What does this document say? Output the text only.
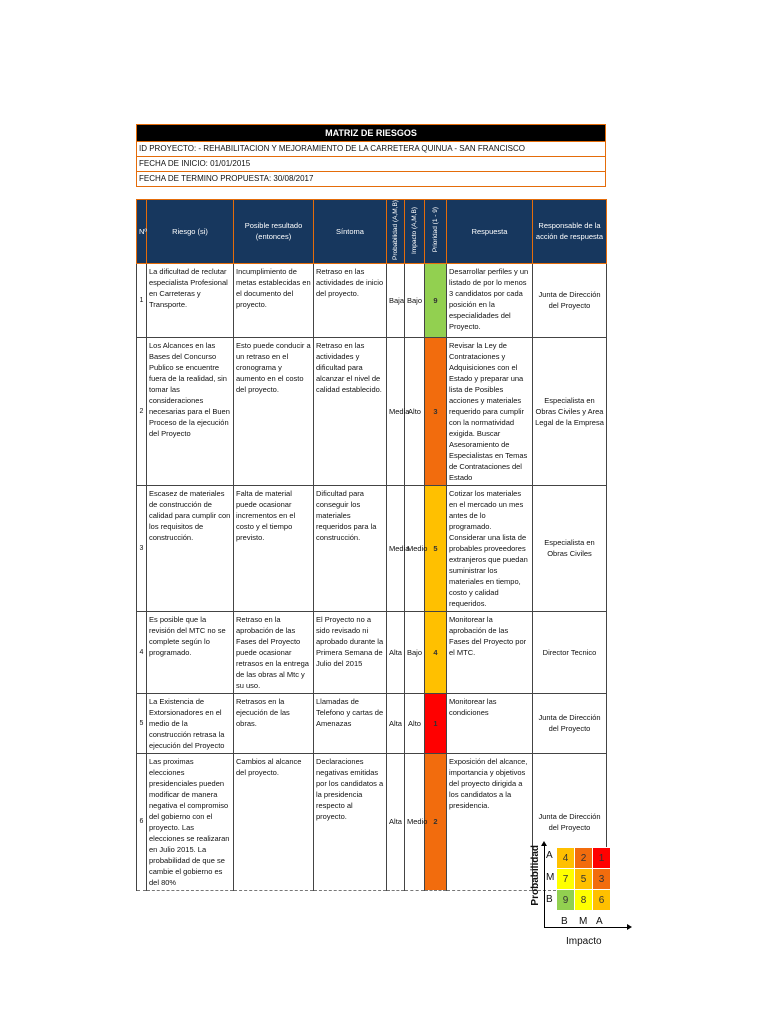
MATRIZ DE RIESGOS
ID PROYECTO: - REHABILITACION Y MEJORAMIENTO DE LA CARRETERA QUINUA - SAN FRANCISCO
FECHA DE INICIO: 01/01/2015
FECHA DE TERMINO PROPUESTA: 30/08/2017
Nº	Riesgo (si)	Posible resultado (entonces)	Síntoma	Probabilidad (A,M,B)	Impacto (A,M,B)	Prioridad (1 - 9)	Respuesta	Responsable de la acción de respuesta
1	La dificultad de reclutar especialista Profesional en Carreteras y Transporte.	Incumplimiento de metas establecidas en el documento del proyecto.	Retraso en las actividades de inicio del proyecto.	Baja	Bajo	9	Desarrollar perfiles y un listado de por lo menos 3 candidatos por cada posición en la especialidades del Proyecto.	Junta de Dirección del Proyecto
2	Los Alcances en las Bases del Concurso Publico se encuentre fuera de la realidad, sin tomar las consideraciones necesarias para el Buen Proceso de la ejecución del Proyecto	Esto puede conducir a un retraso en el cronograma y aumento en el costo del proyecto.	Retraso en las actividades y dificultad para alcanzar el nivel de calidad establecido.	Media	Alto	3	Revisar la Ley de Contrataciones y Adquisiciones con el Estado y preparar una lista de Posibles acciones y materiales requerido para cumplir con la normatividad exigida. Buscar Asesoramiento de Especialistas en Temas de Contrataciones del Estado	Especialista en Obras Civiles y Area Legal de la Empresa
3	Escasez de materiales de construcción de calidad para cumplir con los requisitos de construcción.	Falta de material puede ocasionar incrementos en el costo y el tiempo previsto.	Dificultad para conseguir los materiales requeridos para la construcción.	Media	Medio	5	Cotizar los materiales en el mercado un mes antes de lo programado. Considerar una lista de probables proveedores extranjeros que puedan suministrar los materiales en tiempo, costo y calidad requeridos.	Especialista en Obras Civiles
4	Es posible que la revisión del MTC no se complete según lo programado.	Retraso en la aprobación de las Fases del Proyecto puede ocasionar retrasos en la entrega de las obras al Mtc y su uso.	El Proyecto no a sido revisado ni aprobado durante la Primera Semana de Julio del 2015	Alta	Bajo	4	Monitorear la aprobación de las Fases del Proyecto por el MTC.	Director Tecnico
5	La Existencia de Extorsionadores en el medio de la construcción retrasa la ejecución del Proyecto	Retrasos en la ejecución de las obras.	Llamadas de Telefono y cartas de Amenazas	Alta	Alto	1	Monitorear las condiciones	Junta de Dirección del Proyecto
6	Las proximas elecciones presidenciales pueden modificar de manera negativa el compromiso del gobierno con el proyecto. Las elecciones se realizaran en Julio 2015. La probabilidad de que se cambie el gobierno es del 80%	Cambios al alcance del proyecto.	Declaraciones negativas emitidas por los candidatos a la presidencia respecto al proyecto.	Alta	Medio	2	Exposición del alcance, importancia y objetivos del proyecto dirigida a los candidatos a la presidencia.	Junta de Dirección del Proyecto
Probabilidad A
M
B
4	2	1
7	5	3
9	8	6
B M A
Impacto
